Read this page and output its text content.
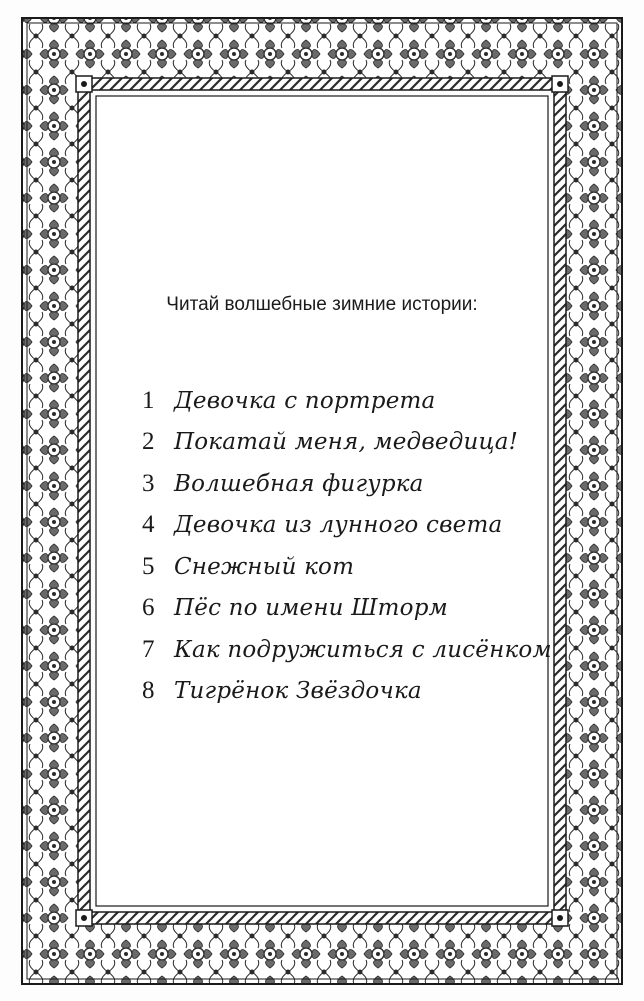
Читай волшебные зимние истории:
1 Девочка с портрета
2 Покатай меня, медведица!
3 Волшебная фигурка
4 Девочка из лунного света
5 Снежный кот
6 Пёс по имени Шторм
7 Как подружиться с лисёнком
8 Тигрёнок Звёздочка
